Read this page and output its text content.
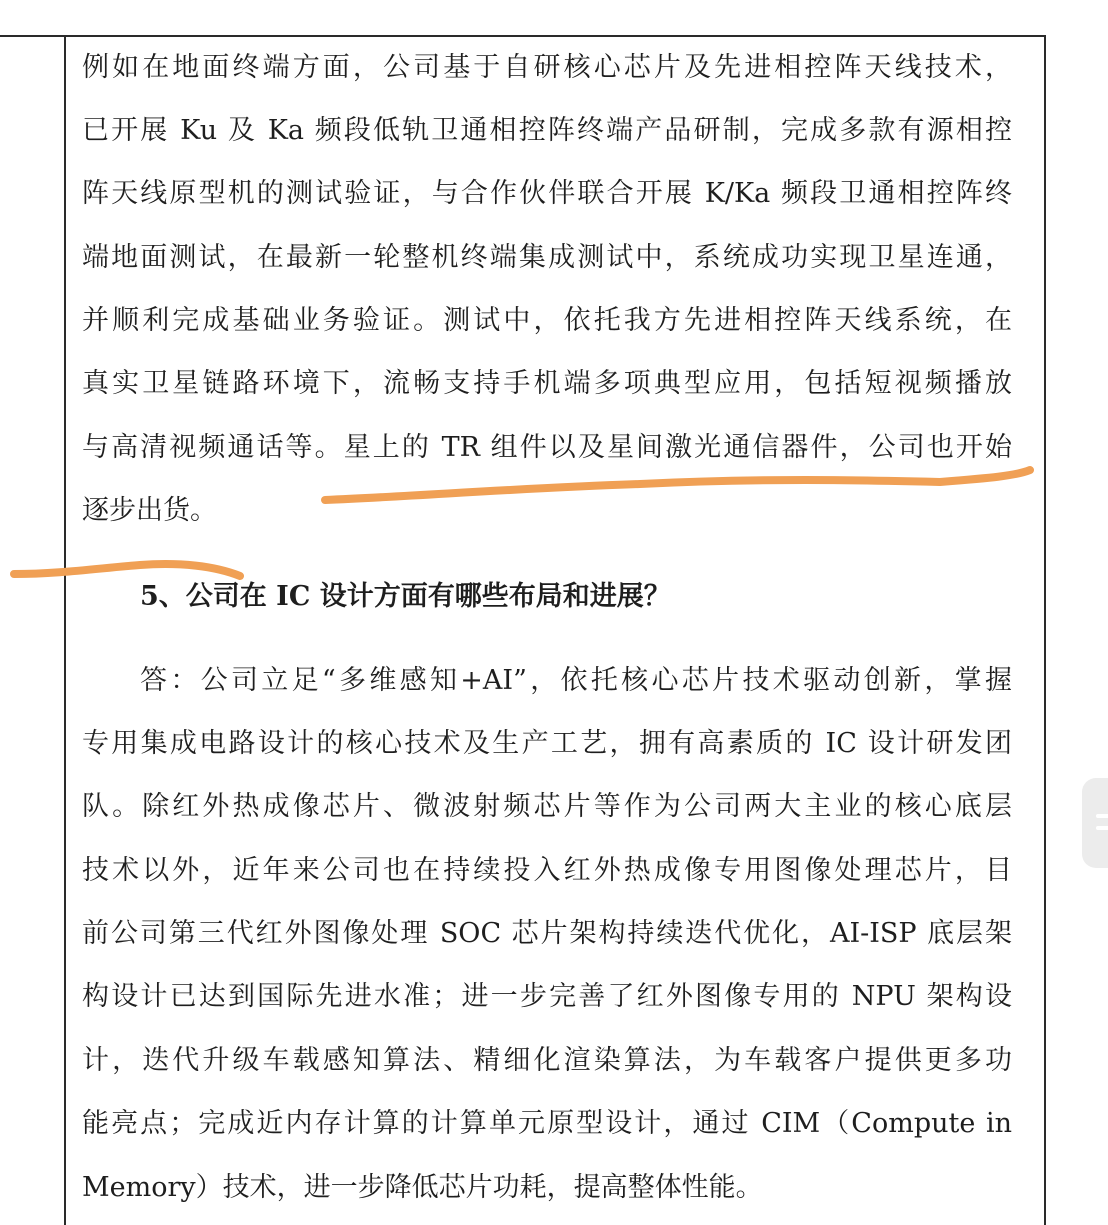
例如在地面终端方面，公司基于自研核心芯片及先进相控阵天线技术，
已开展 Ku 及 Ka 频段低轨卫通相控阵终端产品研制，完成多款有源相控
阵天线原型机的测试验证，与合作伙伴联合开展 K/Ka 频段卫通相控阵终
端地面测试，在最新一轮整机终端集成测试中，系统成功实现卫星连通，
并顺利完成基础业务验证。测试中，依托我方先进相控阵天线系统，在
真实卫星链路环境下，流畅支持手机端多项典型应用，包括短视频播放
与高清视频通话等。星上的 TR 组件以及星间激光通信器件，公司也开始
逐步出货。
5、公司在 IC 设计方面有哪些布局和进展？
答：公司立足“多维感知+AI”，依托核心芯片技术驱动创新，掌握
专用集成电路设计的核心技术及生产工艺，拥有高素质的 IC 设计研发团
队。除红外热成像芯片、微波射频芯片等作为公司两大主业的核心底层
技术以外，近年来公司也在持续投入红外热成像专用图像处理芯片，目
前公司第三代红外图像处理 SOC 芯片架构持续迭代优化，AI-ISP 底层架
构设计已达到国际先进水准；进一步完善了红外图像专用的 NPU 架构设
计，迭代升级车载感知算法、精细化渲染算法，为车载客户提供更多功
能亮点；完成近内存计算的计算单元原型设计，通过 CIM（Compute in
Memory）技术，进一步降低芯片功耗，提高整体性能。
